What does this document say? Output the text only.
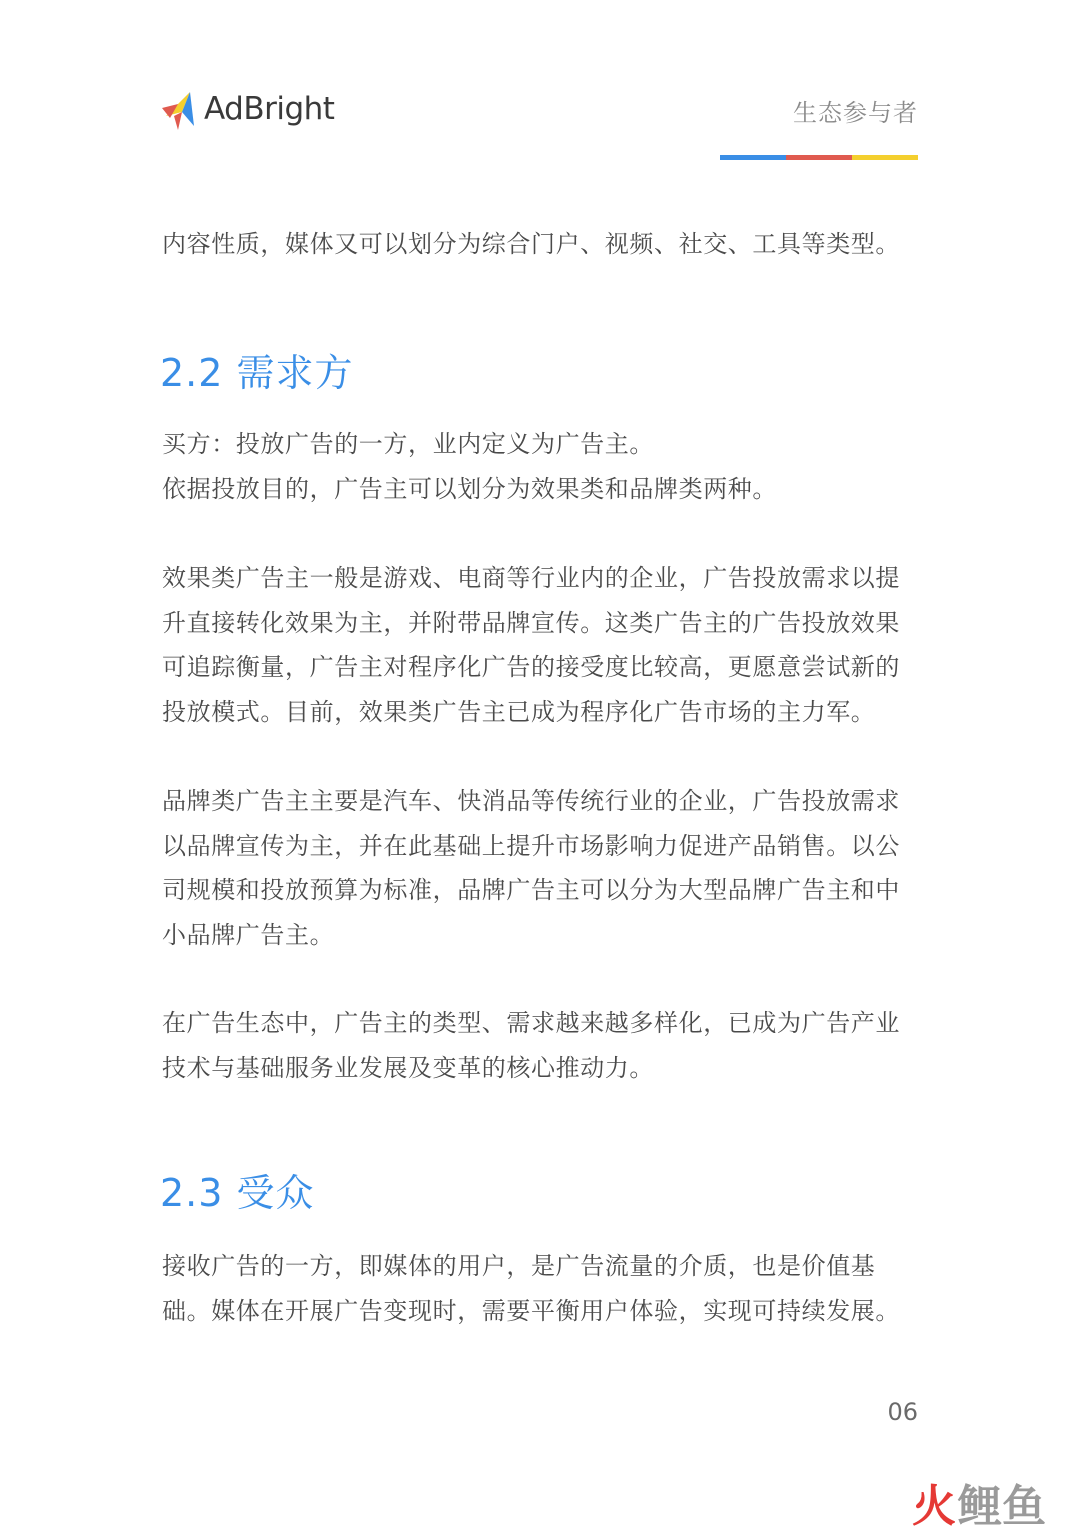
AdBright	生态参与者

内容性质，媒体又可以划分为综合门户、视频、社交、工具等类型。

2.2 需求方

买方：投放广告的一方，业内定义为广告主。

依据投放目的，广告主可以划分为效果类和品牌类两种。

效果类广告主一般是游戏、电商等行业内的企业，广告投放需求以提升直接转化效果为主，并附带品牌宣传。这类广告主的广告投放效果可追踪衡量，广告主对程序化广告的接受度比较高，更愿意尝试新的投放模式。目前，效果类广告主已成为程序化广告市场的主力军。

品牌类广告主主要是汽车、快消品等传统行业的企业，广告投放需求以品牌宣传为主，并在此基础上提升市场影响力促进产品销售。以公司规模和投放预算为标准，品牌广告主可以分为大型品牌广告主和中小品牌广告主。

在广告生态中，广告主的类型、需求越来越多样化，已成为广告产业技术与基础服务业发展及变革的核心推动力。

2.3 受众

接收广告的一方，即媒体的用户，是广告流量的介质，也是价值基础。媒体在开展广告变现时，需要平衡用户体验，实现可持续发展。

06
火 鲤鱼
